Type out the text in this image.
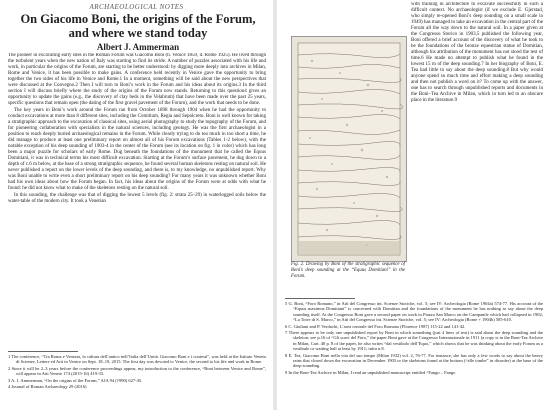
ARCHAEOLOGICAL NOTES
On Giacomo Boni, the origins of the Forum, and where we stand today
Albert J. Ammerman

The pioneer in excavating early sites in the Roman Forum was Giacomo Boni (b. Venice 1859, d. Rome 1925). He lived through the turbulent years when the new nation of Italy was starting to find its stride. A number of puzzles associated with his life and work, in particular the origins of the Forum, are starting to be better understood: by digging more deeply into archives in Milan, Rome and Venice, it has been possible to make gains. A conference held recently in Venice gave the opportunity to bring together the two sides of his life in Venice and Rome.1 In a moment, something will be said about the new perspectives that were discussed at the Convegno.2 Then I will turn to Boni’s work in the Forum and his ideas about its origins.3 In the third section I will discuss briefly where the study of the origins of the Forum now stands. Returning to this question4 gives an opportunity to update the gains (e.g., the discovery of clay beds in the Velabrum) that have been made over the past 25 years, specific questions that remain open (the dating of the first gravel pavement of the Forum), and the work that needs to be done.

The key years in Boni’s work around the Forum ran from October 1898 through 1904 when he had the opportunity to conduct excavations at more than 8 different sites, including the Comitium, Regia and Sepolcreto. Boni is well known for taking a stratigraphic approach to the excavation of classical sites, using aerial photography to study the topography of the Forum, and for pioneering collaboration with specialists in the natural sciences, including geology. He was the first archaeologist in a position to reach deeply buried archaeological remains in the Forum. While clearly trying to do too much in too short a time, he did manage to produce at least one preliminary report on almost all of his Forum excavations (Tables 1-2 below), with the notable exception of his deep sounding of 1903-4 in the center of the Forum (see its location on fig. 1 in color) which has long been a major puzzle for scholars of early Rome. Dug beneath the foundations of the monument that he called the Equus Domitiani, it was in technical terms his most difficult excavation. Starting at the Forum’s surface pavement, he dug down to a depth of c.6 m below, at the base of a strong stratigraphic sequence, he found several human skeletons resting on natural soil. He never published a report on the lower levels of the deep sounding, and there is, to my knowledge, no unpublished report. Why was Boni unable to write even a short preliminary report on his deep sounding? For many years it was unknown whether Boni had his own ideas about how the Forum began. In fact, his ideas about the origins of the Forum were at odds with what he found: he did not know what to make of the skeletons resting on the natural soil.

In this sounding, the challenge was that of digging the lowest 5 levels (fig. 2: strata 25–29) in waterlogged soils below the water-table of the modern city. It took a Venetian

1 The conference, “Tra Roma e Venezia, la cultura dell’antico nell’Italia dell’Unità. Giacomo Boni e i contesti”, was held at the Istituto Veneto di Scienze, Lettere ed Arti in Venice on Sept. 18–19, 2015. The first day was devoted to Venice, the second to his life and work in Rome.
2 Since it will be 2–3 years before the conference proceedings appear, my introduction to the conference, “Boni between Venice and Rome”, will appear in Atti Veneto 174 (2015-16) 419-33.
3 A. J. Ammerman, “On the origins of the Forum,” AJA 94 (1990) 627-45.
4 Journal of Roman Archaeology 29 (2016)
Fig. 2. Drawing by Boni of the stratigraphic sequence of Boni’s deep sounding at the “Equus Domitiani” in the Forum.

with training in architecture to excavate successfully in such a difficult context. No archaeologist (if we exclude E. Gjerstad, who simply re-opened Boni’s deep sounding on a small scale in 1949) has managed to take an excavation in the central part of the Forum all the way down to the natural soil. In a paper given at the Congresso Storico in 1903,5 published the following year, Boni offered a brief account of the discovery of what he took to be the foundations of the bronze equestrian statue of Domitian, although his attribution of the monument has not stood the test of time.6 He made no attempt to publish what he found in the lowest 15 m of the deep sounding.7 In her biography of Boni, E. Tea had little to say about the deep sounding.8 But why would anyone spend so much time and effort making a deep sounding and then not publish a word on it? To come up with the answer, one has to search through unpublished reports and documents in the Boni–Tea Archive in Milan, which in turn led to an obscure place in the literature.9

5 G. Boni, “Foro Romano,” in Atti del Congresso int. Scienze Storiche, vol. 5; see IV: Archeologia (Rome 1904a) 574-77. His account of the “Equus maximus Domitiani” is concerned with Domitian and the foundations of the monument he has nothing to say about the deep sounding itself. At the Congresso Boni gave a second paper on work in Piazza San Marco on the Campanile which had collapsed in 1902; “La Torre di S. Marco,” in Atti del Congresso int. Scienze Storiche, vol. 5; see IV: Archeologia (Rome + 1904b) 585-610.
6 C. Giuliani and P. Verduchi, L’area centrale del Foro Romano (Florence 1987) 115-22 and 141-42.
7 There appears to be only one unpublished report by Boni in which something (just 4 lines of text) is said about the deep sounding and the skeleton: see p.16 of “Gli scavi del Foro,” the paper Boni gave at the Congresso Internazionale in 1911 (a copy is in the Boni-Tea Archive in Milan, Cart. 40 p. 8 of the paper, he also writes “dal vestibolo dell’Equo,” which shows that he was thinking about the early Forum as a vestibule or waiting hall at least by 1911; infra n.8.
8 E. Tea, Giacomo Boni nella vita del suo tempo (Milan 1932) vol. 2, 76-77. For instance, she has only a few words to say about the heavy rains that closed down the excavation in December 1903 or the skeletons found at the bottom (“alle tombe” in disorder) at the base of the deep sounding.
9 In the Boni-Tea Archive in Milan, I read an unpublished manuscript entitled “Fango – Fango
